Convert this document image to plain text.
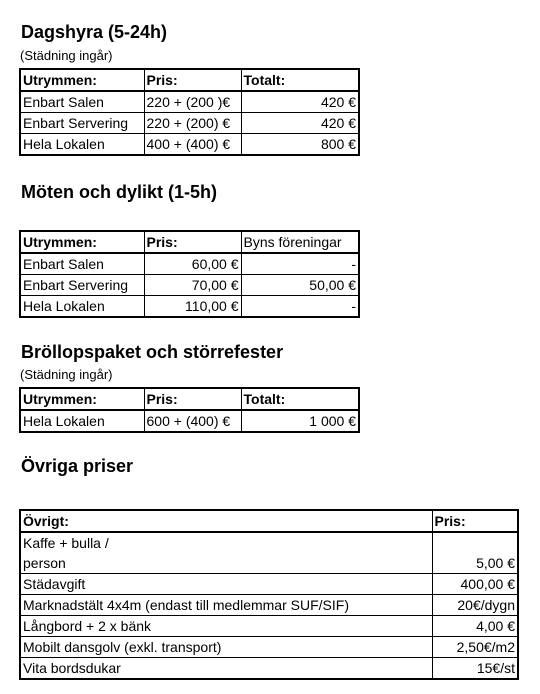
Dagshyra (5-24h)
(Städning ingår)
Utrymmen:	Pris:	Totalt:
Enbart Salen	220 + (200 )€	420 €
Enbart Servering	220 + (200) €	420 €
Hela Lokalen	400 + (400) €	800 €
Möten och dylikt (1-5h)
Utrymmen:	Pris:	Byns föreningar
Enbart Salen	60,00 €	-
Enbart Servering	70,00 €	50,00 €
Hela Lokalen	110,00 €	-
Bröllopspaket och störrefester
(Städning ingår)
Utrymmen:	Pris:	Totalt:
Hela Lokalen	600 + (400) €	1 000 €
Övriga priser
Övrigt:	Pris:
Kaffe + bulla /	
person	5,00 €
Städavgift	400,00 €
Marknadstält 4x4m (endast till medlemmar SUF/SIF)	20€/dygn
Långbord + 2 x bänk	4,00 €
Mobilt dansgolv (exkl. transport)	2,50€/m2
Vita bordsdukar	15€/st
